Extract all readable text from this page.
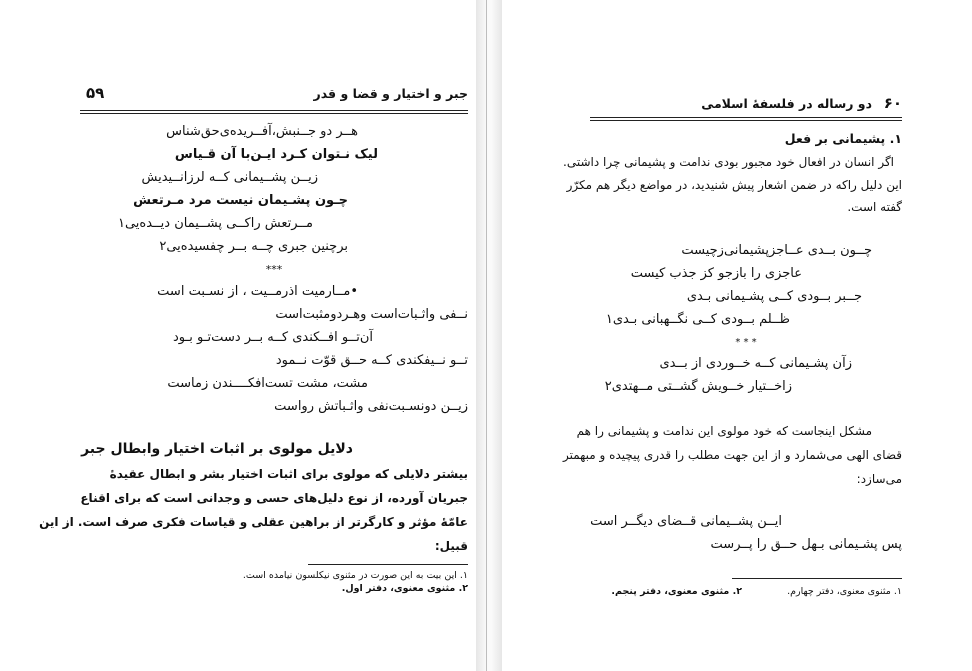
جبر و اختیار و قضا و قدر
۵۹
هــر دو جــنبش،آفــریده‌ی‌حق‌شناس
لیک نـتوان کـرد ایـن‌با آن قـیاس
زیــن پشــیمانی کــه لرزانــیدیش
چـون پشـیمان نیست مرد مـرتعش
مــرتعش راکــی پشــیمان دیــده‌یی۱
برچنین جبری چــه بــر چفسیده‌یی۲
***
•مــارمیت اذرمــیت ، از نسـبت است
نــفی واثـبات‌است وهـردومثبت‌است
آن‌تــو افــکندی کــه بــر دست‌تـو بـود
تــو نــیفکندی کــه حــق قوّت نــمود
مشت، مشت تست‌افکــــندن زماست
زیــن دونسـبت‌نفی واثـباتش رواست
دلایل مولوی بر اثبات اختیار وابطال جبر
بیشتر دلایلی که مولوی برای اثبات اختیار بشر و ابطال عقیدهٔ
جبریان آورده، از نوع دلیل‌های حسی و وجدانی است که برای اقناع
عامّهٔ مؤثر و کارگرتر از براهین عقلی و قیاسات فکری صرف است. از این
قبیل:
۱. این بیت به این صورت در مثنوی نیکلسون نیامده است.
۲. مثنوی معنوی، دفتر اول.
۶۰
دو رساله در فلسفهٔ اسلامی
۱. پشیمانی بر فعل
اگر انسان در افعال خود مجبور بودی ندامت و پشیمانی چرا داشتی.
این دلیل راکه در ضمن اشعار پیش شنیدید، در مواضع دیگر هم مکرّر
گفته است.
چــون بــدی عــاجزپشیمانی‌زچیست
عاجزی را بازجو کز جذب کیست
جــبر بــودی کــی پشـیمانی بـدی
ظــلم بــودی کــی نگــهبانی بـدی۱
* * *
زآن پشـیمانی کــه خــوردی از بــدی
زاخــتیار خــویش گشــتی مــهتدی۲
مشکل اینجاست که خود مولوی این ندامت و پشیمانی را هم
قضای الهی می‌شمارد و از این جهت مطلب را قدری پیچیده و مبهمتر
می‌سازد:
ایــن پشــیمانی قــضای دیگــر است
پس پشـیمانی بـهل حــق را پــرست
۱. مثنوی معنوی، دفتر چهارم.
۲. مثنوی معنوی، دفتر پنجم.
